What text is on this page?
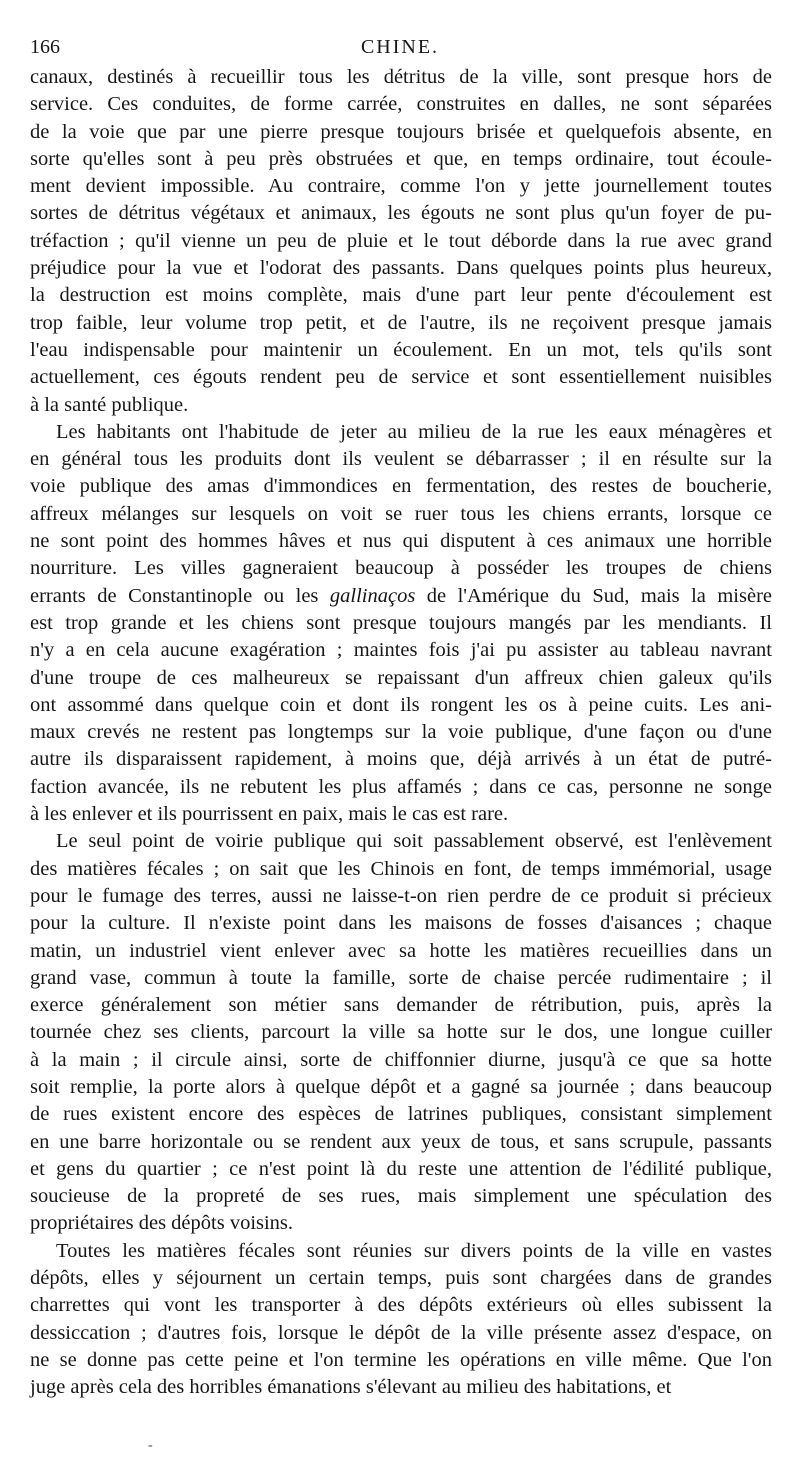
166	CHINE.
canaux, destinés à recueillir tous les détritus de la ville, sont presque hors de
service. Ces conduites, de forme carrée, construites en dalles, ne sont séparées
de la voie que par une pierre presque toujours brisée et quelquefois absente, en
sorte qu'elles sont à peu près obstruées et que, en temps ordinaire, tout écoule-
ment devient impossible. Au contraire, comme l'on y jette journellement toutes
sortes de détritus végétaux et animaux, les égouts ne sont plus qu'un foyer de pu-
tréfaction ; qu'il vienne un peu de pluie et le tout déborde dans la rue avec grand
préjudice pour la vue et l'odorat des passants. Dans quelques points plus heureux,
la destruction est moins complète, mais d'une part leur pente d'écoulement est
trop faible, leur volume trop petit, et de l'autre, ils ne reçoivent presque jamais
l'eau indispensable pour maintenir un écoulement. En un mot, tels qu'ils sont
actuellement, ces égouts rendent peu de service et sont essentiellement nuisibles
à la santé publique.
Les habitants ont l'habitude de jeter au milieu de la rue les eaux ménagères et
en général tous les produits dont ils veulent se débarrasser ; il en résulte sur la
voie publique des amas d'immondices en fermentation, des restes de boucherie,
affreux mélanges sur lesquels on voit se ruer tous les chiens errants, lorsque ce
ne sont point des hommes hâves et nus qui disputent à ces animaux une horrible
nourriture. Les villes gagneraient beaucoup à posséder les troupes de chiens
errants de Constantinople ou les gallinaços de l'Amérique du Sud, mais la misère
est trop grande et les chiens sont presque toujours mangés par les mendiants. Il
n'y a en cela aucune exagération ; maintes fois j'ai pu assister au tableau navrant
d'une troupe de ces malheureux se repaissant d'un affreux chien galeux qu'ils
ont assommé dans quelque coin et dont ils rongent les os à peine cuits. Les ani-
maux crevés ne restent pas longtemps sur la voie publique, d'une façon ou d'une
autre ils disparaissent rapidement, à moins que, déjà arrivés à un état de putré-
faction avancée, ils ne rebutent les plus affamés ; dans ce cas, personne ne songe
à les enlever et ils pourrissent en paix, mais le cas est rare.
Le seul point de voirie publique qui soit passablement observé, est l'enlèvement
des matières fécales ; on sait que les Chinois en font, de temps immémorial, usage
pour le fumage des terres, aussi ne laisse-t-on rien perdre de ce produit si précieux
pour la culture. Il n'existe point dans les maisons de fosses d'aisances ; chaque
matin, un industriel vient enlever avec sa hotte les matières recueillies dans un
grand vase, commun à toute la famille, sorte de chaise percée rudimentaire ; il
exerce généralement son métier sans demander de rétribution, puis, après la
tournée chez ses clients, parcourt la ville sa hotte sur le dos, une longue cuiller
à la main ; il circule ainsi, sorte de chiffonnier diurne, jusqu'à ce que sa hotte
soit remplie, la porte alors à quelque dépôt et a gagné sa journée ; dans beaucoup
de rues existent encore des espèces de latrines publiques, consistant simplement
en une barre horizontale ou se rendent aux yeux de tous, et sans scrupule, passants
et gens du quartier ; ce n'est point là du reste une attention de l'édilité publique,
soucieuse de la propreté de ses rues, mais simplement une spéculation des
propriétaires des dépôts voisins.
Toutes les matières fécales sont réunies sur divers points de la ville en vastes
dépôts, elles y séjournent un certain temps, puis sont chargées dans de grandes
charrettes qui vont les transporter à des dépôts extérieurs où elles subissent la
dessiccation ; d'autres fois, lorsque le dépôt de la ville présente assez d'espace, on
ne se donne pas cette peine et l'on termine les opérations en ville même. Que l'on
juge après cela des horribles émanations s'élevant au milieu des habitations, et
-
